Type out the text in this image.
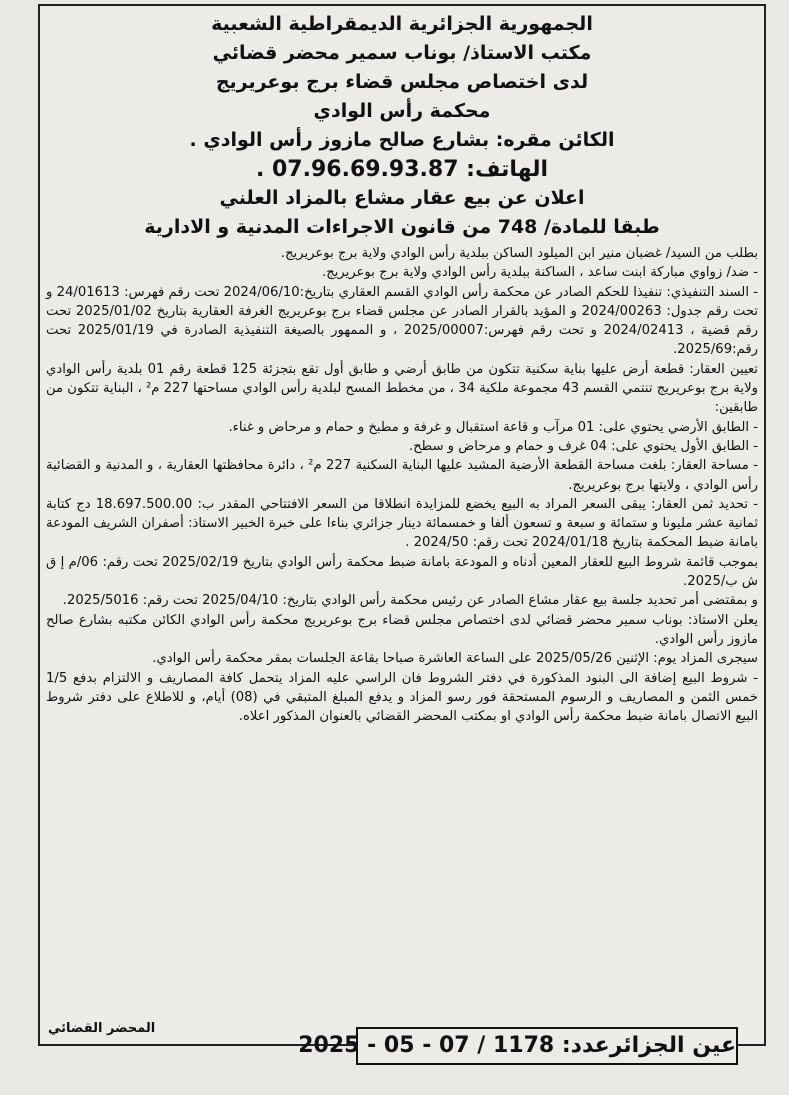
الجمهورية الجزائرية الديمقراطية الشعبية

مكتب الاستاذ/ بوناب سمير محضر قضائي

لدى اختصاص مجلس قضاء برج بوعريريج

محكمة رأس الوادي

الكائن مقره: بشارع صالح مازوز رأس الوادي .

الهاتف: 07.96.69.93.87 .

اعلان عن بيع عقار مشاع بالمزاد العلني

طبقا للمادة/ 748 من قانون الاجراءات المدنية و الادارية

بطلب من السيد/ غضبان منير ابن الميلود الساكن ببلدية رأس الوادي ولاية برج بوعريريج.

- ضد/ زواوي مباركة ابنت ساعد ، الساكنة ببلدية رأس الوادي ولاية برج بوعريريج.

- السند التنفيذي: تنفيذا للحكم الصادر عن محكمة رأس الوادي القسم العقاري بتاريخ:2024/06/10 تحت رقم فهرس: 24/01613 و تحت رقم جدول: 2024/00263 و المؤيد بالقرار الصادر عن مجلس قضاء برج بوعريريج الغرفة العقارية بتاريخ 2025/01/02 تحت رقم قضية ، 2024/02413 و تحت رقم فهرس:2025/00007 ، و الممهور بالصيغة التنفيذية الصادرة في 2025/01/19 تحت رقم:2025/69.

تعيين العقار: قطعة أرض عليها بناية سكنية تتكون من طابق أرضي و طابق أول تقع بتجزئة 125 قطعة رقم 01 بلدية رأس الوادي ولاية برج بوعريريج تنتمي القسم 43 مجموعة ملكية 34 ، من مخطط المسح لبلدية رأس الوادي مساحتها 227 م² ، البناية تتكون من طابقين:

- الطابق الأرضي يحتوي على: 01 مرآب و قاعة استقبال و غرفة و مطبخ و حمام و مرحاض و غناء.

- الطابق الأول يحتوي على: 04 غرف و حمام و مرحاض و سطح.

- مساحة العقار: بلغت مساحة القطعة الأرضية المشيد عليها البناية السكنية 227 م² ، دائرة محافظتها العقارية ، و المدنية و القضائية رأس الوادي ، ولايتها برج بوعريريج.

- تحديد ثمن العقار: يبقى السعر المراد به البيع يخضع للمزايدة انطلاقا من السعر الافتتاحي المقدر ب: 18.697.500.00 دج كتابة ثمانية عشر مليونا و ستمائة و سبعة و تسعون ألفا و خمسمائة دينار جزائري بناءا على خبرة الخبير الاستاذ: أصفران الشريف المودعة بامانة ضبط المحكمة بتاريخ 2024/01/18 تحت رقم: 2024/50 .

بموجب قائمة شروط البيع للعقار المعين أدناه و المودعة بامانة ضبط محكمة رأس الوادي بتاريخ 2025/02/19 تحت رقم: 06/م إ ق ش ب/2025.

و بمقتضى أمر تحديد جلسة بيع عقار مشاع الصادر عن رئيس محكمة رأس الوادي بتاريخ: 2025/04/10 تحت رقم: 2025/5016.

يعلن الاستاذ: بوناب سمير محضر قضائي لدى اختصاص مجلس قضاء برج بوعريريج محكمة رأس الوادي الكائن مكتبه بشارع صالح مازوز رأس الوادي.

سيجرى المزاد يوم: الإثنين 2025/05/26 على الساعة العاشرة صباحا بقاعة الجلسات بمقر محكمة رأس الوادي.

- شروط البيع إضافة الى البنود المذكورة في دفتر الشروط فان الراسي عليه المزاد يتحمل كافة المصاريف و الالتزام بدفع 1/5 خمس الثمن و المصاريف و الرسوم المستحقة فور رسو المزاد و يدفع المبلغ المتبقي في (08) أيام، و للاطلاع على دفتر شروط البيع الاتصال بامانة ضبط محكمة رأس الوادي او بمكتب المحضر القضائي بالعنوان المذكور اعلاه.

المحضر القضائي
عين الجزائرعدد: 1178 / 07 - 05 - 2025
